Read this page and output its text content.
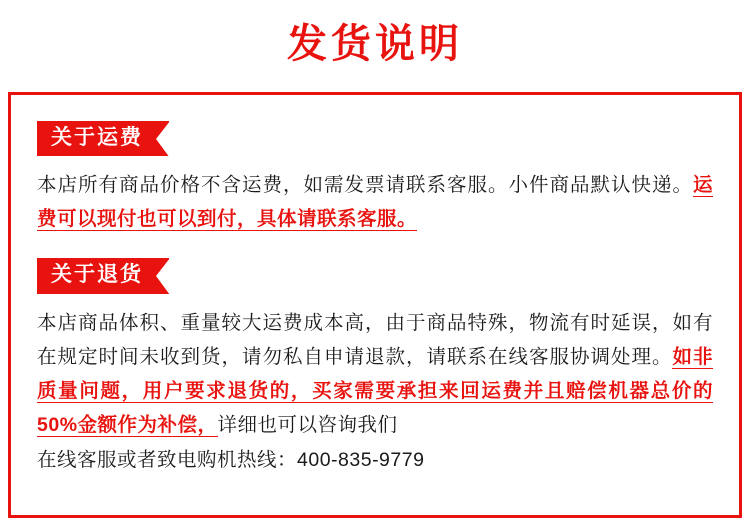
发货说明
关于运费
本店所有商品价格不含运费，如需发票请联系客服。小件商品默认快递。运费可以现付也可以到付，具体请联系客服。
关于退货
本店商品体积、重量较大运费成本高，由于商品特殊，物流有时延误，如有在规定时间未收到货，请勿私自申请退款，请联系在线客服协调处理。如非质量问题，用户要求退货的，买家需要承担来回运费并且赔偿机器总价的50%金额作为补偿，详细也可以咨询我们
在线客服或者致电购机热线：400-835-9779
